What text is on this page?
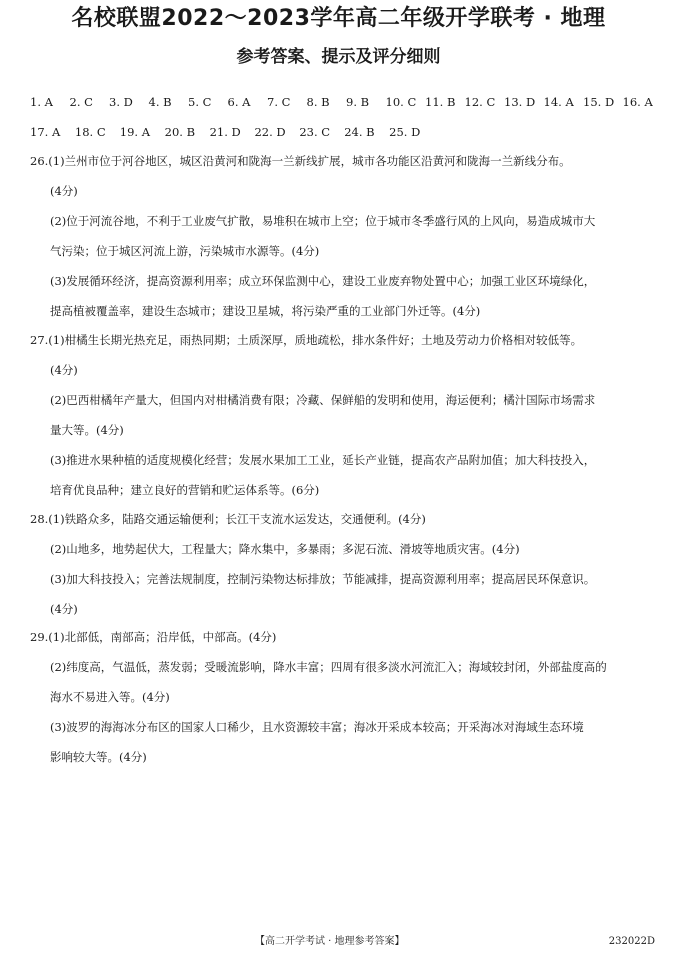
名校联盟2022～2023学年高二年级开学联考 · 地理
参考答案、提示及评分细则
1. A	2. C	3. D	4. B	5. C	6. A	7. C	8. B	9. B	10. C 11. B 12. C 13. D 14. A 15. D 16. A
17. A	18. C	19. A	20. B	21. D	22. D	23. C	24. B	25. D
26.(1)兰州市位于河谷地区，城区沿黄河和陇海一兰新线扩展，城市各功能区沿黄河和陇海一兰新线分布。
(4分)
(2)位于河流谷地，不利于工业废气扩散，易堆积在城市上空；位于城市冬季盛行风的上风向，易造成城市大
气污染；位于城区河流上游，污染城市水源等。(4分)
(3)发展循环经济，提高资源利用率；成立环保监测中心，建设工业废弃物处置中心；加强工业区环境绿化，
提高植被覆盖率，建设生态城市；建设卫星城，将污染严重的工业部门外迁等。(4分)
27.(1)柑橘生长期光热充足，雨热同期；土质深厚，质地疏松，排水条件好；土地及劳动力价格相对较低等。
(4分)
(2)巴西柑橘年产量大，但国内对柑橘消费有限；冷藏、保鲜船的发明和使用，海运便利；橘汁国际市场需求
量大等。(4分)
(3)推进水果种植的适度规模化经营；发展水果加工工业，延长产业链，提高农产品附加值；加大科技投入，
培育优良品种；建立良好的营销和贮运体系等。(6分)
28.(1)铁路众多，陆路交通运输便利；长江干支流水运发达，交通便利。(4分)
(2)山地多，地势起伏大，工程量大；降水集中，多暴雨；多泥石流、滑坡等地质灾害。(4分)
(3)加大科技投入；完善法规制度，控制污染物达标排放；节能减排，提高资源利用率；提高居民环保意识。
(4分)
29.(1)北部低，南部高；沿岸低，中部高。(4分)
(2)纬度高，气温低，蒸发弱；受暖流影响，降水丰富；四周有很多淡水河流汇入；海域较封闭，外部盐度高的
海水不易进入等。(4分)
(3)波罗的海海冰分布区的国家人口稀少，且水资源较丰富；海冰开采成本较高；开采海冰对海域生态环境
影响较大等。(4分)
【高二开学考试 · 地理参考答案】	232022D
